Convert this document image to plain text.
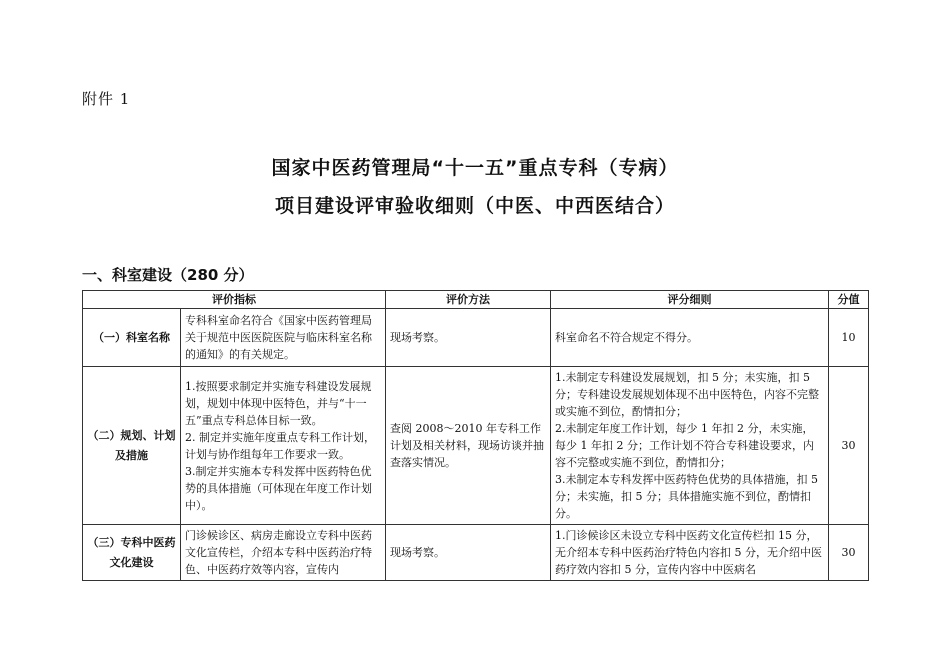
附件 1
国家中医药管理局“十一五”重点专科（专病）
项目建设评审验收细则（中医、中西医结合）
一、科室建设（280 分）
评价指标		评价方法	评分细则	分值
（一）科室名称	专科科室命名符合《国家中医药管理局关于规范中医医院医院与临床科室名称的通知》的有关规定。	现场考察。	科室命名不符合规定不得分。	10
（二）规划、计划及措施	1.按照要求制定并实施专科建设发展规划，规划中体现中医特色，并与“十一五”重点专科总体目标一致。
2. 制定并实施年度重点专科工作计划，计划与协作组每年工作要求一致。
3.制定并实施本专科发挥中医药特色优势的具体措施（可体现在年度工作计划中）。	查阅 2008～2010 年专科工作计划及相关材料，现场访谈并抽查落实情况。	1.未制定专科建设发展规划，扣 5 分；未实施，扣 5 分；专科建设发展规划体现不出中医特色，内容不完整或实施不到位，酌情扣分；
2.未制定年度工作计划，每少 1 年扣 2 分，未实施，每少 1 年扣 2 分；工作计划不符合专科建设要求，内容不完整或实施不到位，酌情扣分；
3.未制定本专科发挥中医药特色优势的具体措施，扣 5 分；未实施，扣 5 分；具体措施实施不到位，酌情扣分。	30
（三）专科中医药文化建设	门诊候诊区、病房走廊设立专科中医药文化宣传栏，介绍本专科中医药治疗特色、中医药疗效等内容，宣传内	现场考察。	1.门诊候诊区未设立专科中医药文化宣传栏扣 15 分，无介绍本专科中医药治疗特色内容扣 5 分，无介绍中医药疗效内容扣 5 分，宣传内容中中医病名	30
